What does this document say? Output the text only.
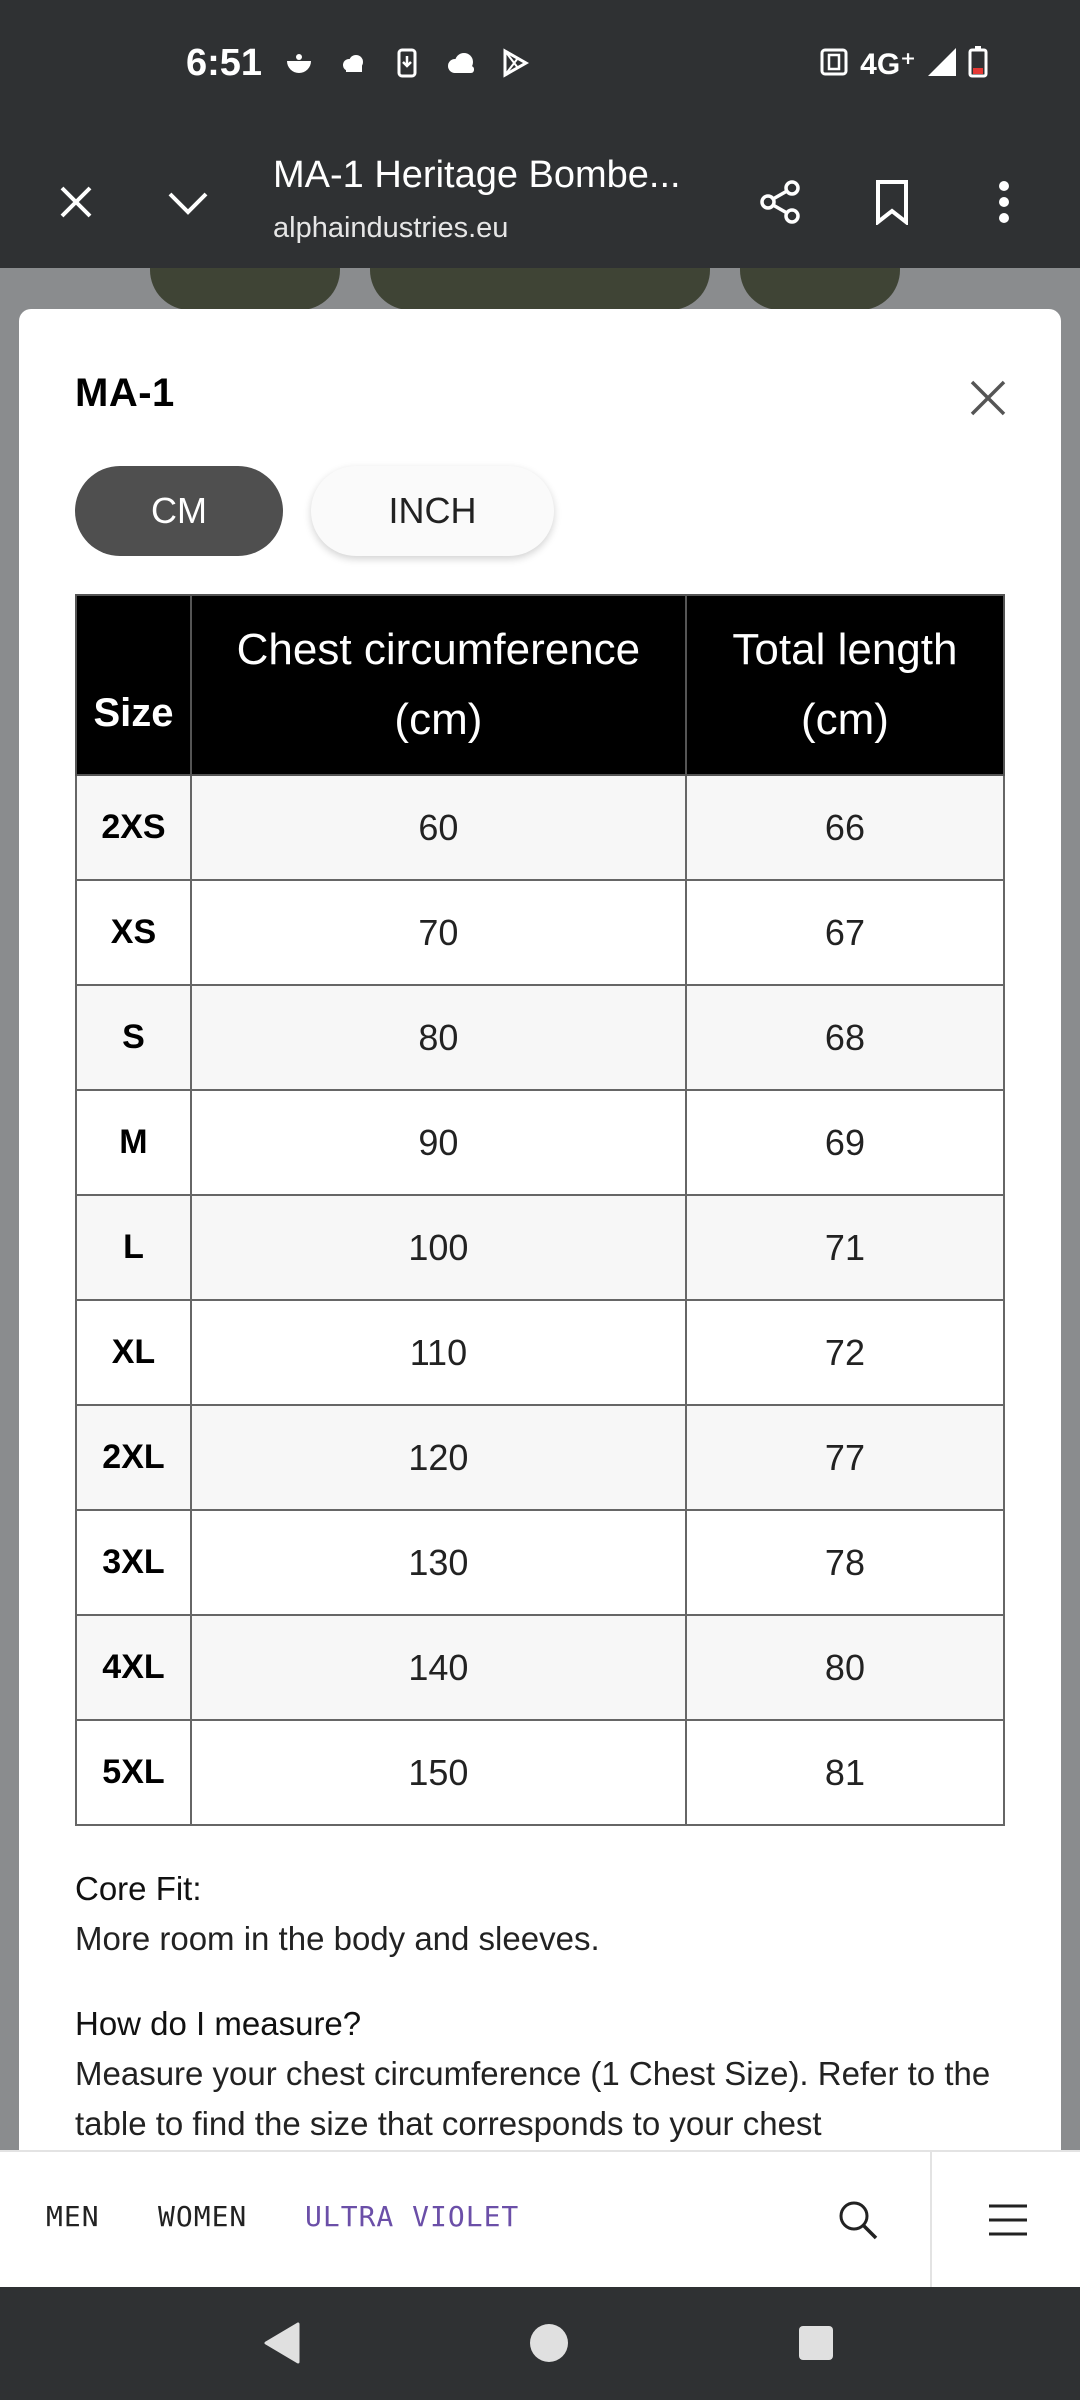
6:51	4G⁺
MA-1 Heritage Bombe...
alphaindustries.eu
MA-1
CM	INCH
Size	Chest circumference (cm)	Total length (cm)
2XS	60	66
XS	70	67
S	80	68
M	90	69
L	100	71
XL	110	72
2XL	120	77
3XL	130	78
4XL	140	80
5XL	150	81
Core Fit:
More room in the body and sleeves.
How do I measure?
Measure your chest circumference (1 Chest Size). Refer to the table to find the size that corresponds to your chest
MEN WOMEN ULTRA VIOLET
